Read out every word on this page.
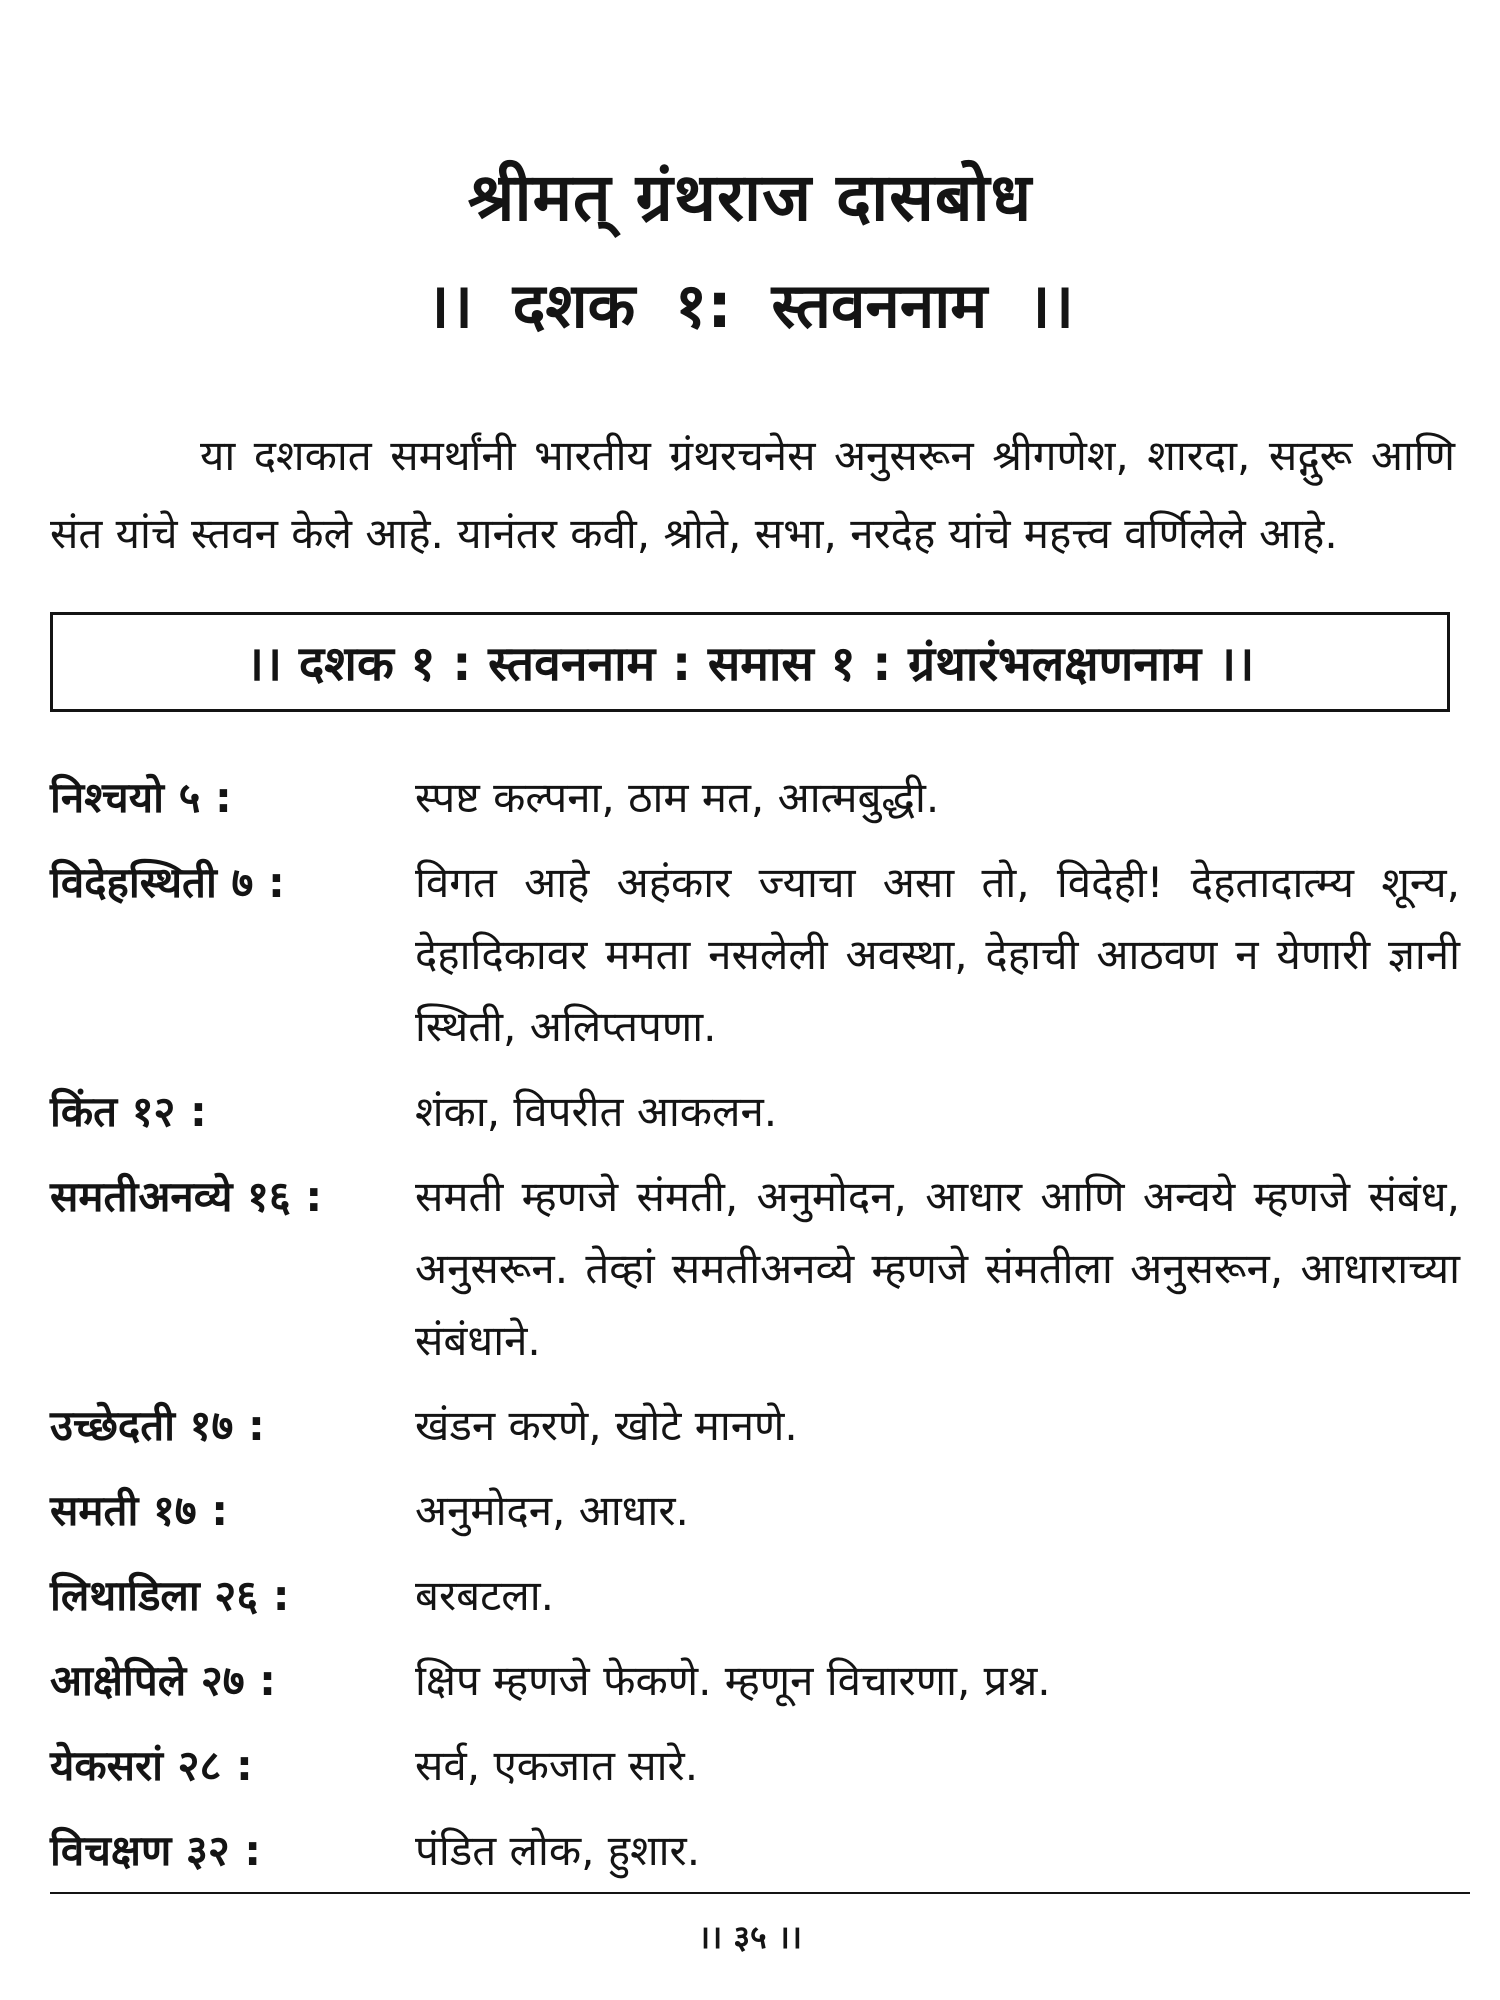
श्रीमत् ग्रंथराज दासबोध
।। दशक १: स्तवननाम ।।

या दशकात समर्थांनी भारतीय ग्रंथरचनेस अनुसरून श्रीगणेश, शारदा, सद्गुरू आणि संत यांचे स्तवन केले आहे. यानंतर कवी, श्रोते, सभा, नरदेह यांचे महत्त्व वर्णिलेले आहे.

।। दशक १ : स्तवननाम : समास १ : ग्रंथारंभलक्षणनाम ।।
निश्चयो ५ :	स्पष्ट कल्पना, ठाम मत, आत्मबुद्धी.
विदेहस्थिती ७ :	विगत आहे अहंकार ज्याचा असा तो, विदेही! देहतादात्म्य शून्य, देहादिकावर ममता नसलेली अवस्था, देहाची आठवण न येणारी ज्ञानी स्थिती, अलिप्तपणा.
किंत १२ :	शंका, विपरीत आकलन.
समतीअनव्ये १६ :	समती म्हणजे संमती, अनुमोदन, आधार आणि अन्वये म्हणजे संबंध, अनुसरून. तेव्हां समतीअनव्ये म्हणजे संमतीला अनुसरून, आधाराच्या संबंधाने.
उच्छेदती १७ :	खंडन करणे, खोटे मानणे.
समती १७ :	अनुमोदन, आधार.
लिथाडिला २६ :	बरबटला.
आक्षेपिले २७ :	क्षिप म्हणजे फेकणे. म्हणून विचारणा, प्रश्न.
येकसरां २८ :	सर्व, एकजात सारे.
विचक्षण ३२ :	पंडित लोक, हुशार.
।। ३५ ।।
